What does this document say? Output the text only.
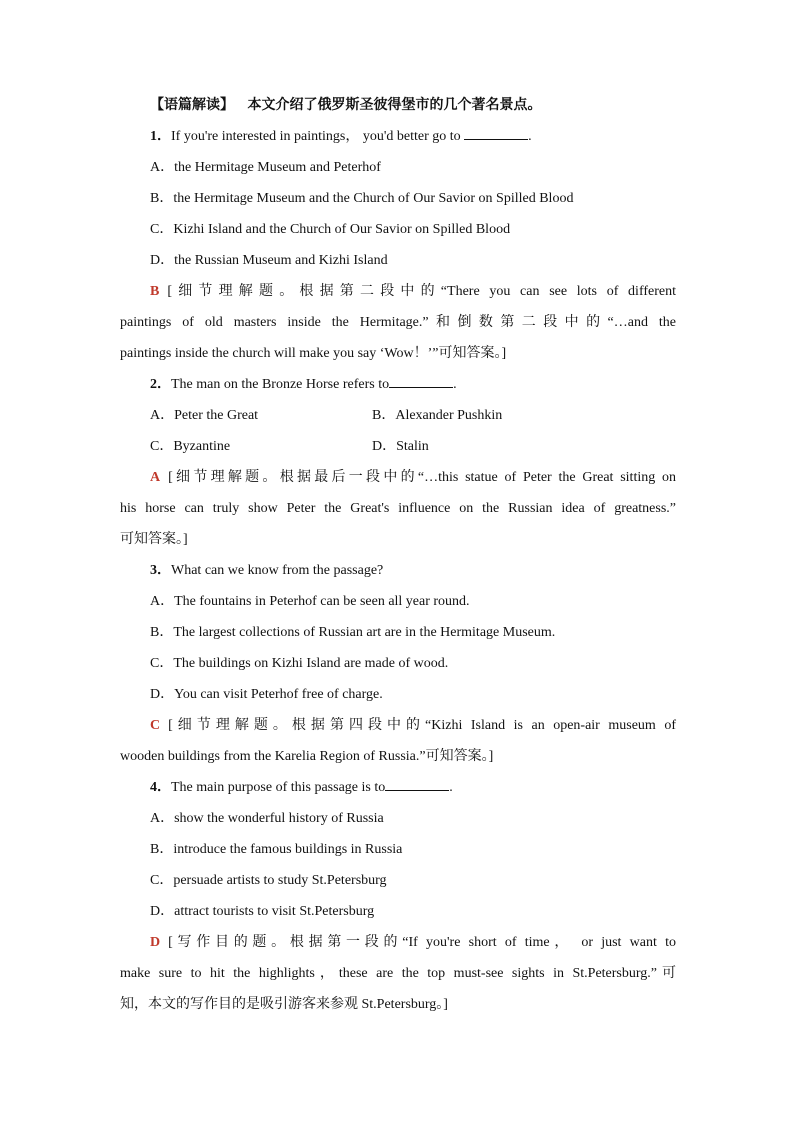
【语篇解读】 本文介绍了俄罗斯圣彼得堡市的几个著名景点。
1．If you're interested in paintings， you'd better go to	.
A．the Hermitage Museum and Peterhof
B．the Hermitage Museum and the Church of Our Savior on Spilled Blood
C．Kizhi Island and the Church of Our Savior on Spilled Blood
D．the Russian Museum and Kizhi Island
B [细节理解题。根据第二段中的“There you can see lots of different
paintings of old masters inside the Hermitage.”和倒数第二段中的“…and the
paintings inside the church will make you say ‘Wow！’”可知答案。]
2．The man on the Bronze Horse refers to	.
A．Peter the Great	B．Alexander Pushkin
C．Byzantine	D．Stalin
A [细节理解题。根据最后一段中的“…this statue of Peter the Great sitting on
his horse can truly show Peter the Great's influence on the Russian idea of greatness.”
可知答案。]
3．What can we know from the passage?
A．The fountains in Peterhof can be seen all year round.
B．The largest collections of Russian art are in the Hermitage Museum.
C．The buildings on Kizhi Island are made of wood.
D．You can visit Peterhof free of charge.
C [细节理解题。根据第四段中的“Kizhi Island is an open-air museum of
wooden buildings from the Karelia Region of Russia.”可知答案。]
4．The main purpose of this passage is to	.
A．show the wonderful history of Russia
B．introduce the famous buildings in Russia
C．persuade artists to study St.Petersburg
D．attract tourists to visit St.Petersburg
D [写作目的题。根据第一段的“If you're short of time， or just want to
make sure to hit the highlights，these are the top must-see sights in St.Petersburg.”可
知，本文的写作目的是吸引游客来参观 St.Petersburg。]
